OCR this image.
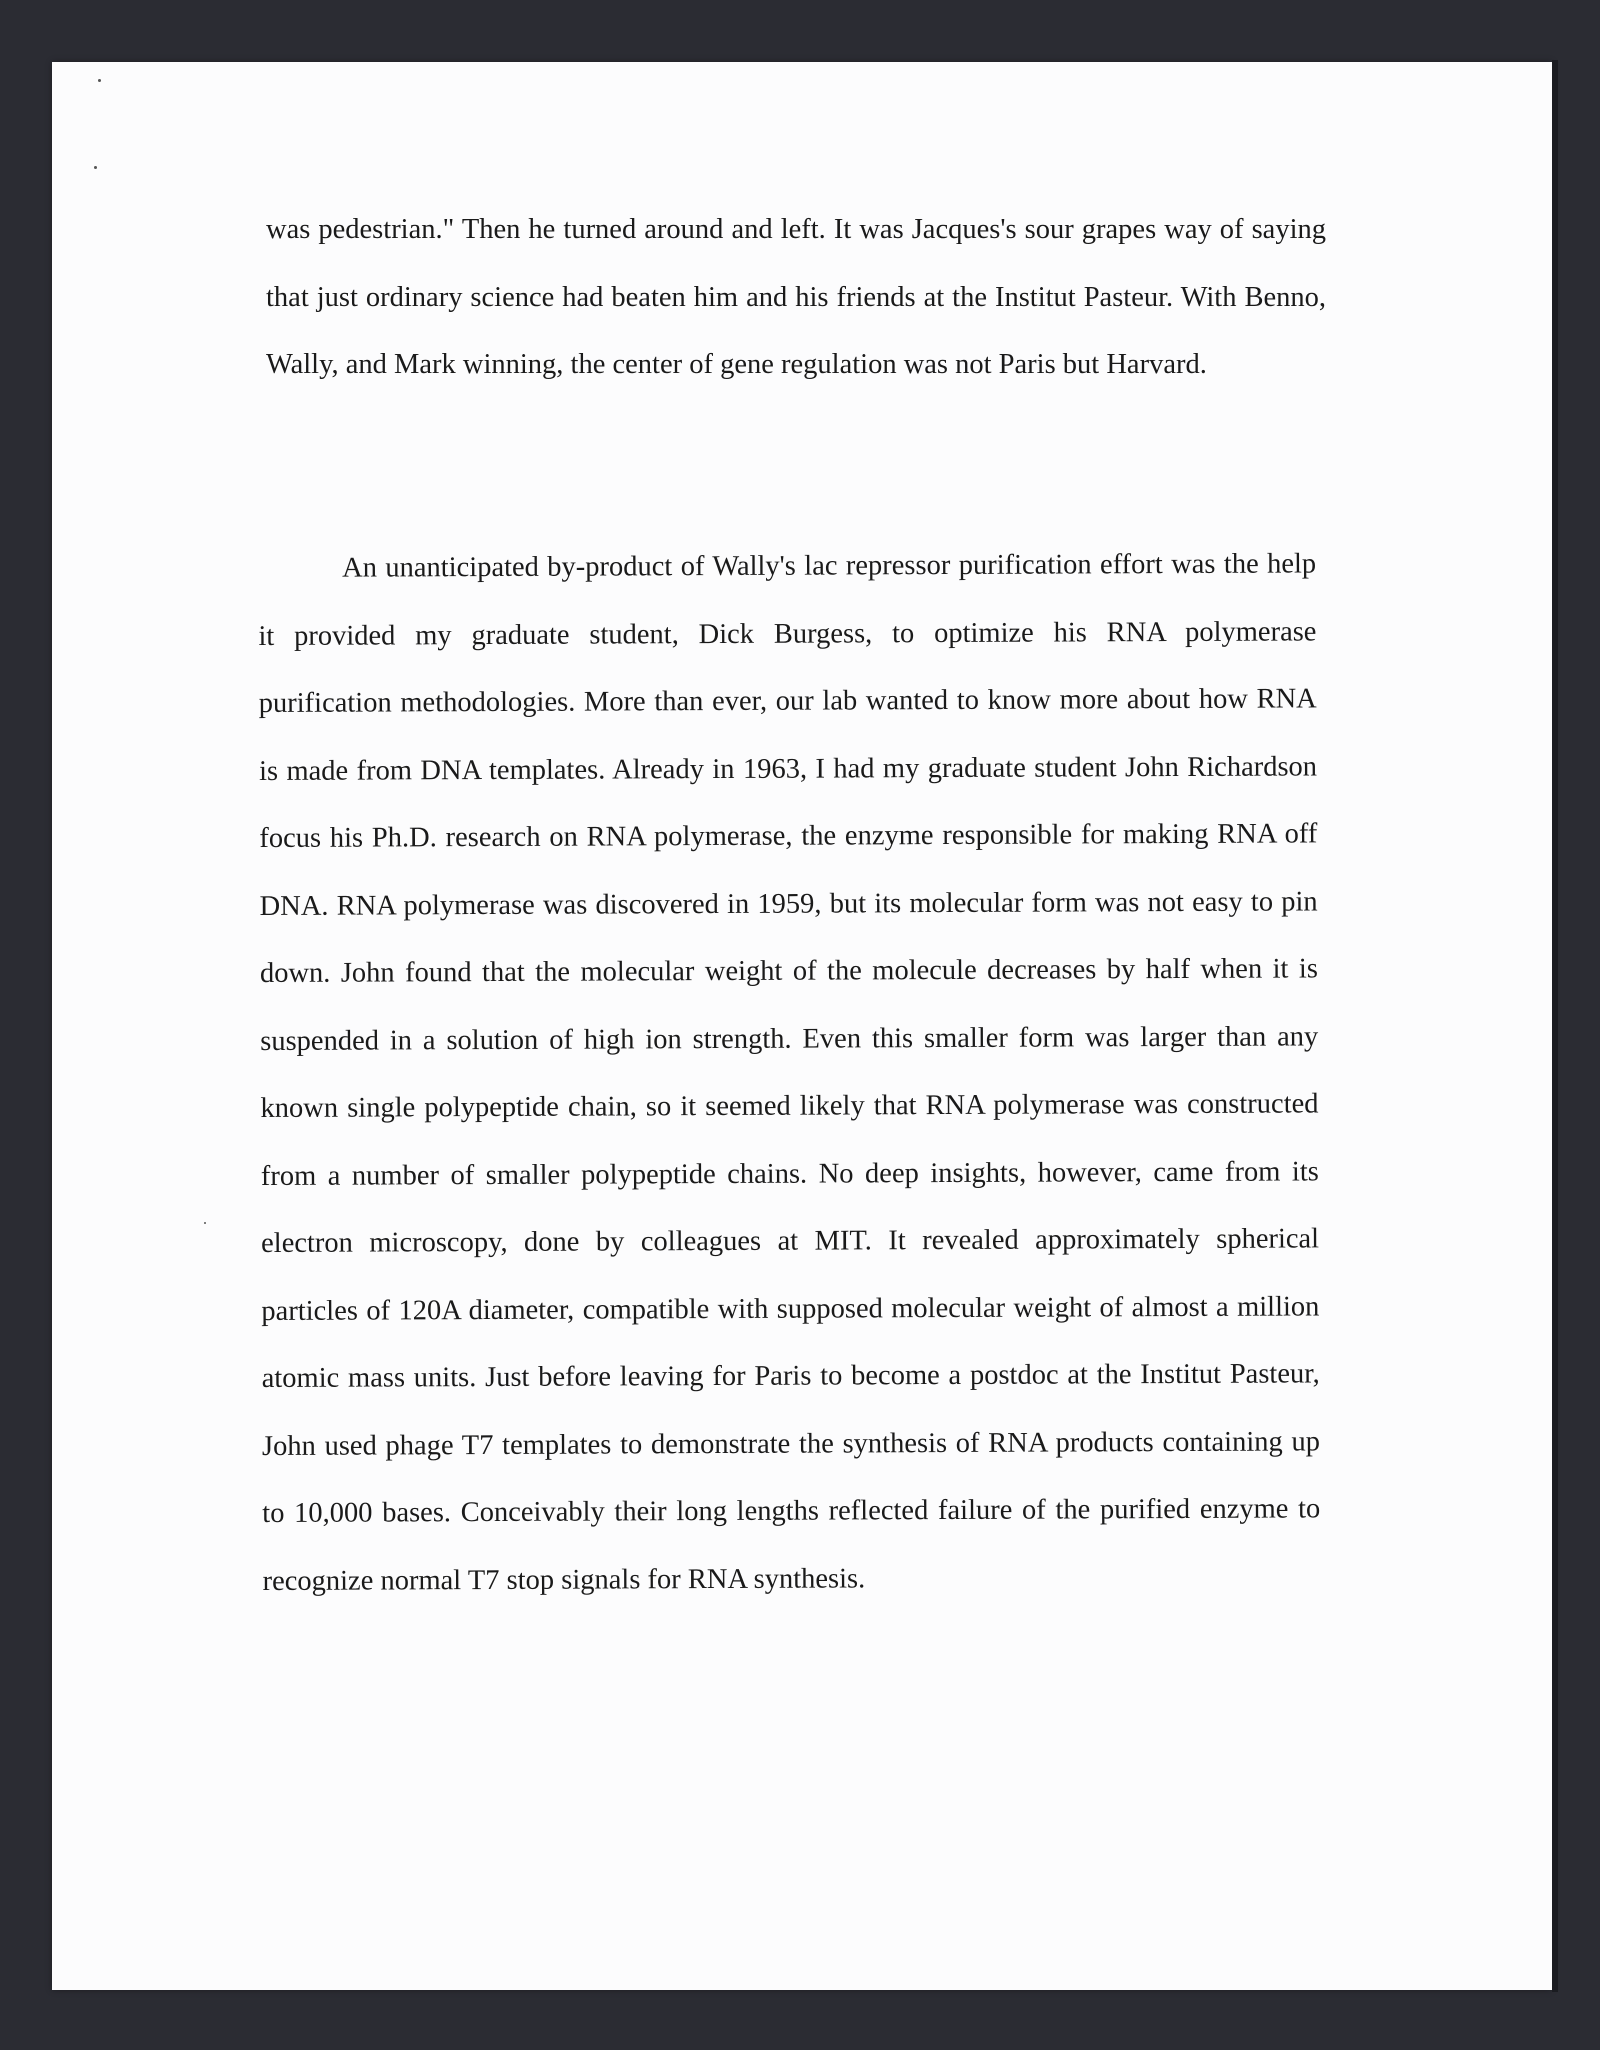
was pedestrian." Then he turned around and left. It was Jacques's sour grapes way of saying that just ordinary science had beaten him and his friends at the Institut Pasteur. With Benno, Wally, and Mark winning, the center of gene regulation was not Paris but Harvard.

An unanticipated by-product of Wally's lac repressor purification effort was the help it provided my graduate student, Dick Burgess, to optimize his RNA polymerase purification methodologies. More than ever, our lab wanted to know more about how RNA is made from DNA templates. Already in 1963, I had my graduate student John Richardson focus his Ph.D. research on RNA polymerase, the enzyme responsible for making RNA off DNA. RNA polymerase was discovered in 1959, but its molecular form was not easy to pin down. John found that the molecular weight of the molecule decreases by half when it is suspended in a solution of high ion strength. Even this smaller form was larger than any known single polypeptide chain, so it seemed likely that RNA polymerase was constructed from a number of smaller polypeptide chains. No deep insights, however, came from its electron microscopy, done by colleagues at MIT. It revealed approximately spherical particles of 120A diameter, compatible with supposed molecular weight of almost a million atomic mass units. Just before leaving for Paris to become a postdoc at the Institut Pasteur, John used phage T7 templates to demonstrate the synthesis of RNA products containing up to 10,000 bases. Conceivably their long lengths reflected failure of the purified enzyme to recognize normal T7 stop signals for RNA synthesis.
